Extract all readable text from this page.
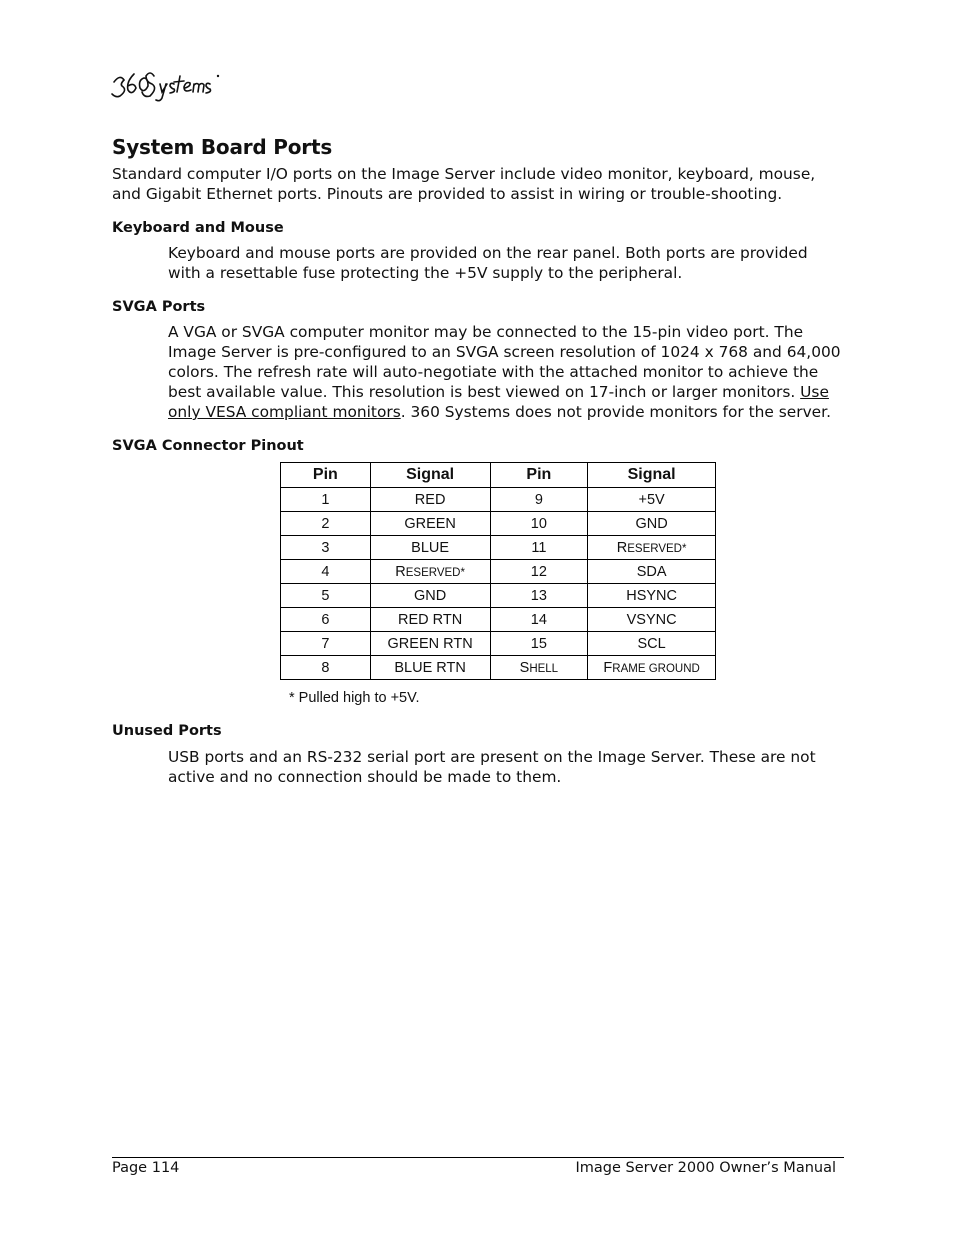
System Board Ports

Standard computer I/O ports on the Image Server include video monitor, keyboard, mouse, and Gigabit Ethernet ports. Pinouts are provided to assist in wiring or trouble-shooting.

Keyboard and Mouse

Keyboard and mouse ports are provided on the rear panel. Both ports are provided with a resettable fuse protecting the +5V supply to the peripheral.

SVGA Ports

A VGA or SVGA computer monitor may be connected to the 15-pin video port. The Image Server is pre-configured to an SVGA screen resolution of 1024 x 768 and 64,000 colors. The refresh rate will auto-negotiate with the attached monitor to achieve the best available value. This resolution is best viewed on 17-inch or larger monitors. Use only VESA compliant monitors. 360 Systems does not provide monitors for the server.

SVGA Connector Pinout
Pin	Signal	Pin	Signal
1	RED	9	+5V
2	GREEN	10	GND
3	BLUE	11	RESERVED*
4	RESERVED*	12	SDA
5	GND	13	HSYNC
6	RED RTN	14	VSYNC
7	GREEN RTN	15	SCL
8	BLUE RTN	SHELL	FRAME GROUND

* Pulled high to +5V.

Unused Ports

USB ports and an RS-232 serial port are present on the Image Server. These are not active and no connection should be made to them.

Page 114	Image Server 2000 Owner’s Manual
